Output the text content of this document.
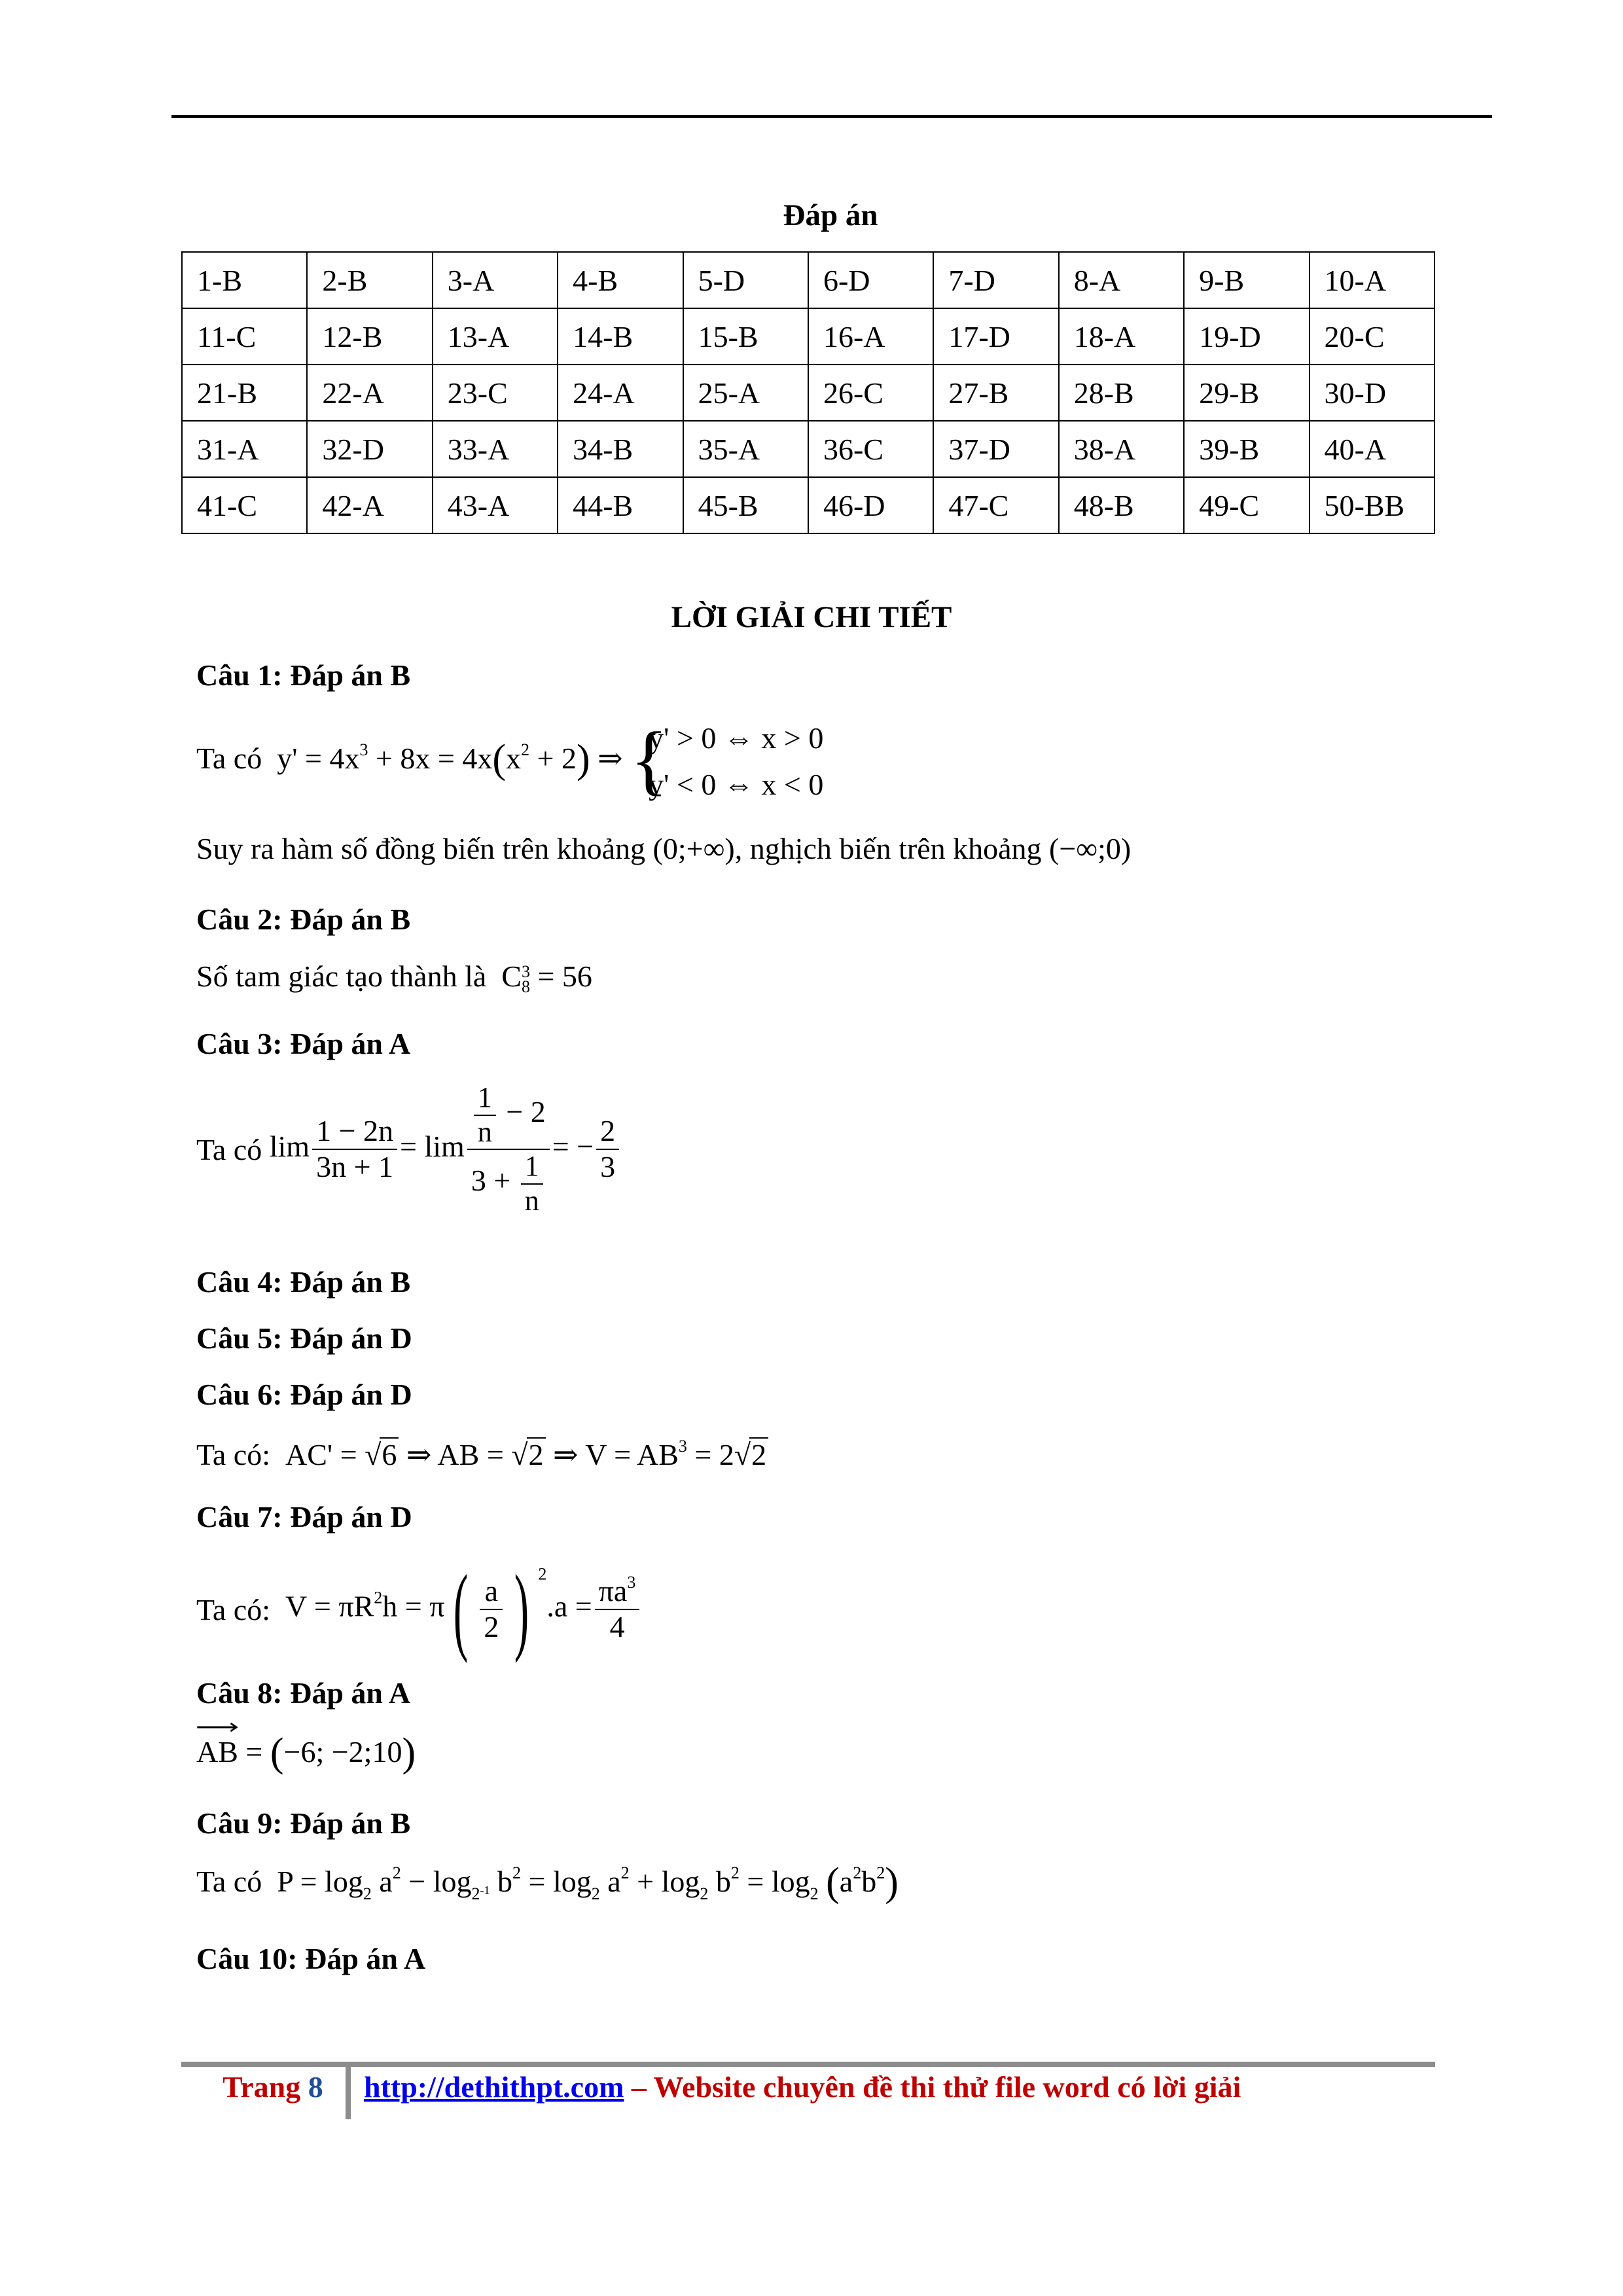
Đáp án
1-B	2-B	3-A	4-B	5-D	6-D	7-D	8-A	9-B	10-A
11-C	12-B	13-A	14-B	15-B	16-A	17-D	18-A	19-D	20-C
21-B	22-A	23-C	24-A	25-A	26-C	27-B	28-B	29-B	30-D
31-A	32-D	33-A	34-B	35-A	36-C	37-D	38-A	39-B	40-A
41-C	42-A	43-A	44-B	45-B	46-D	47-C	48-B	49-C	50-BB
LỜI GIẢI CHI TIẾT
Câu 1: Đáp án B
Ta có  $y' = 4x^3 + 8x = 4x(x^2 + 2)$ ⇒ {
y' > 0 ⇔ x > 0
y' < 0 ⇔ x < 0
Suy ra hàm số đồng biến trên khoảng (0;+∞), nghịch biến trên khoảng (−∞;0)
Câu 2: Đáp án B
Số tam giác tạo thành là  C 3
8 = 56
Câu 3: Đáp án A
Ta có $\lim \frac{1 - 2n}{3n + 1} = \lim \frac{\frac{1}{n} - 2}{3 + \frac{1}{n}}$ = − $\frac{2}{3}$
Câu 4: Đáp án B
Câu 5: Đáp án D
Câu 6: Đáp án D
Ta có:  AC' = √6 ⇒ AB = √2 ⇒ $V = AB^3 = 2√2$
Câu 7: Đáp án D
Ta có:  $V = \pi R^2h = \pi( \frac{a}{2}$ ) $^2.a = \frac{\pi a^3}{4}$
Câu 8: Đáp án A
AB
= (−6; −2;10)
Câu 9: Đáp án B
Ta có  $P = \log_2 a^2 - \log_{2^{-1}} b^2 = \log_2 a^2 + \log_2 b^2 = \log_2 (a^2b^2)$
Câu 10: Đáp án A
Trang 8 http://dethithpt.com – Website chuyên đề thi thử file word có lời giải
